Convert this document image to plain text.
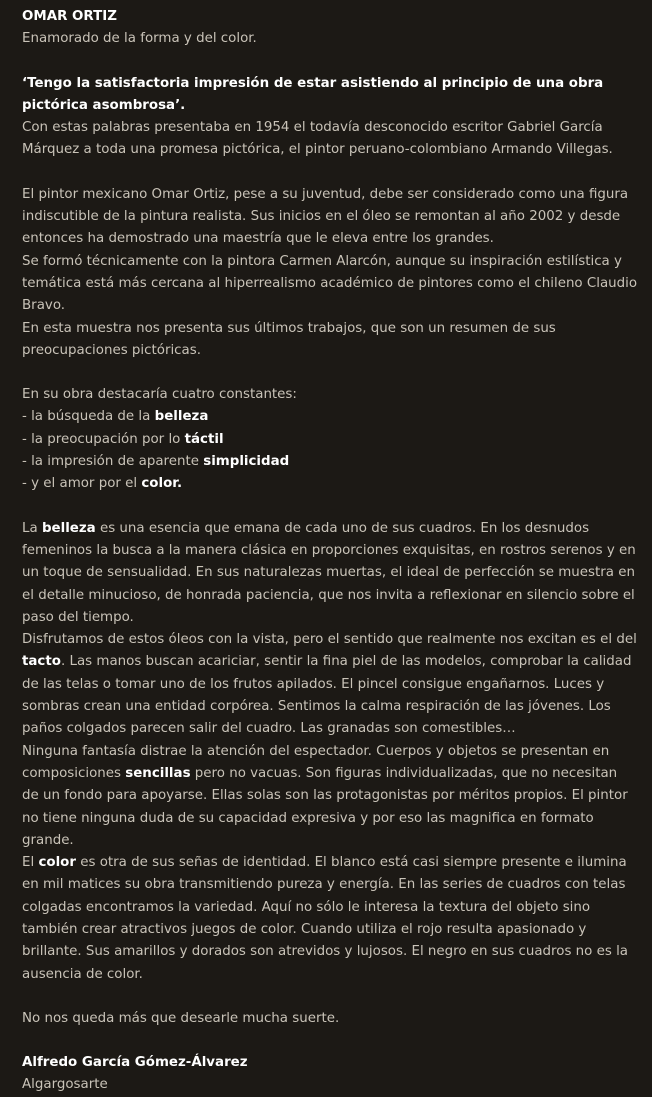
OMAR ORTIZ

Enamorado de la forma y del color.

‘Tengo la satisfactoria impresión de estar asistiendo al principio de una obra pictórica asombrosa’.

Con estas palabras presentaba en 1954 el todavía desconocido escritor Gabriel García Márquez a toda una promesa pictórica, el pintor peruano-colombiano Armando Villegas.

El pintor mexicano Omar Ortiz, pese a su juventud, debe ser considerado como una figura indiscutible de la pintura realista. Sus inicios en el óleo se remontan al año 2002 y desde entonces ha demostrado una maestría que le eleva entre los grandes.

Se formó técnicamente con la pintora Carmen Alarcón, aunque su inspiración estilística y temática está más cercana al hiperrealismo académico de pintores como el chileno Claudio Bravo.

En esta muestra nos presenta sus últimos trabajos, que son un resumen de sus preocupaciones pictóricas.

En su obra destacaría cuatro constantes:

- la búsqueda de la belleza

- la preocupación por lo táctil

- la impresión de aparente simplicidad

- y el amor por el color.

La belleza es una esencia que emana de cada uno de sus cuadros. En los desnudos femeninos la busca a la manera clásica en proporciones exquisitas, en rostros serenos y en un toque de sensualidad. En sus naturalezas muertas, el ideal de perfección se muestra en el detalle minucioso, de honrada paciencia, que nos invita a reflexionar en silencio sobre el paso del tiempo.

Disfrutamos de estos óleos con la vista, pero el sentido que realmente nos excitan es el del tacto. Las manos buscan acariciar, sentir la fina piel de las modelos, comprobar la calidad de las telas o tomar uno de los frutos apilados. El pincel consigue engañarnos. Luces y sombras crean una entidad corpórea. Sentimos la calma respiración de las jóvenes. Los paños colgados parecen salir del cuadro. Las granadas son comestibles…

Ninguna fantasía distrae la atención del espectador. Cuerpos y objetos se presentan en composiciones sencillas pero no vacuas. Son figuras individualizadas, que no necesitan de un fondo para apoyarse. Ellas solas son las protagonistas por méritos propios. El pintor no tiene ninguna duda de su capacidad expresiva y por eso las magnifica en formato grande.

El color es otra de sus señas de identidad. El blanco está casi siempre presente e ilumina en mil matices su obra transmitiendo pureza y energía. En las series de cuadros con telas colgadas encontramos la variedad. Aquí no sólo le interesa la textura del objeto sino también crear atractivos juegos de color. Cuando utiliza el rojo resulta apasionado y brillante. Sus amarillos y dorados son atrevidos y lujosos. El negro en sus cuadros no es la ausencia de color.

No nos queda más que desearle mucha suerte.

Alfredo García Gómez-Álvarez

Algargosarte
